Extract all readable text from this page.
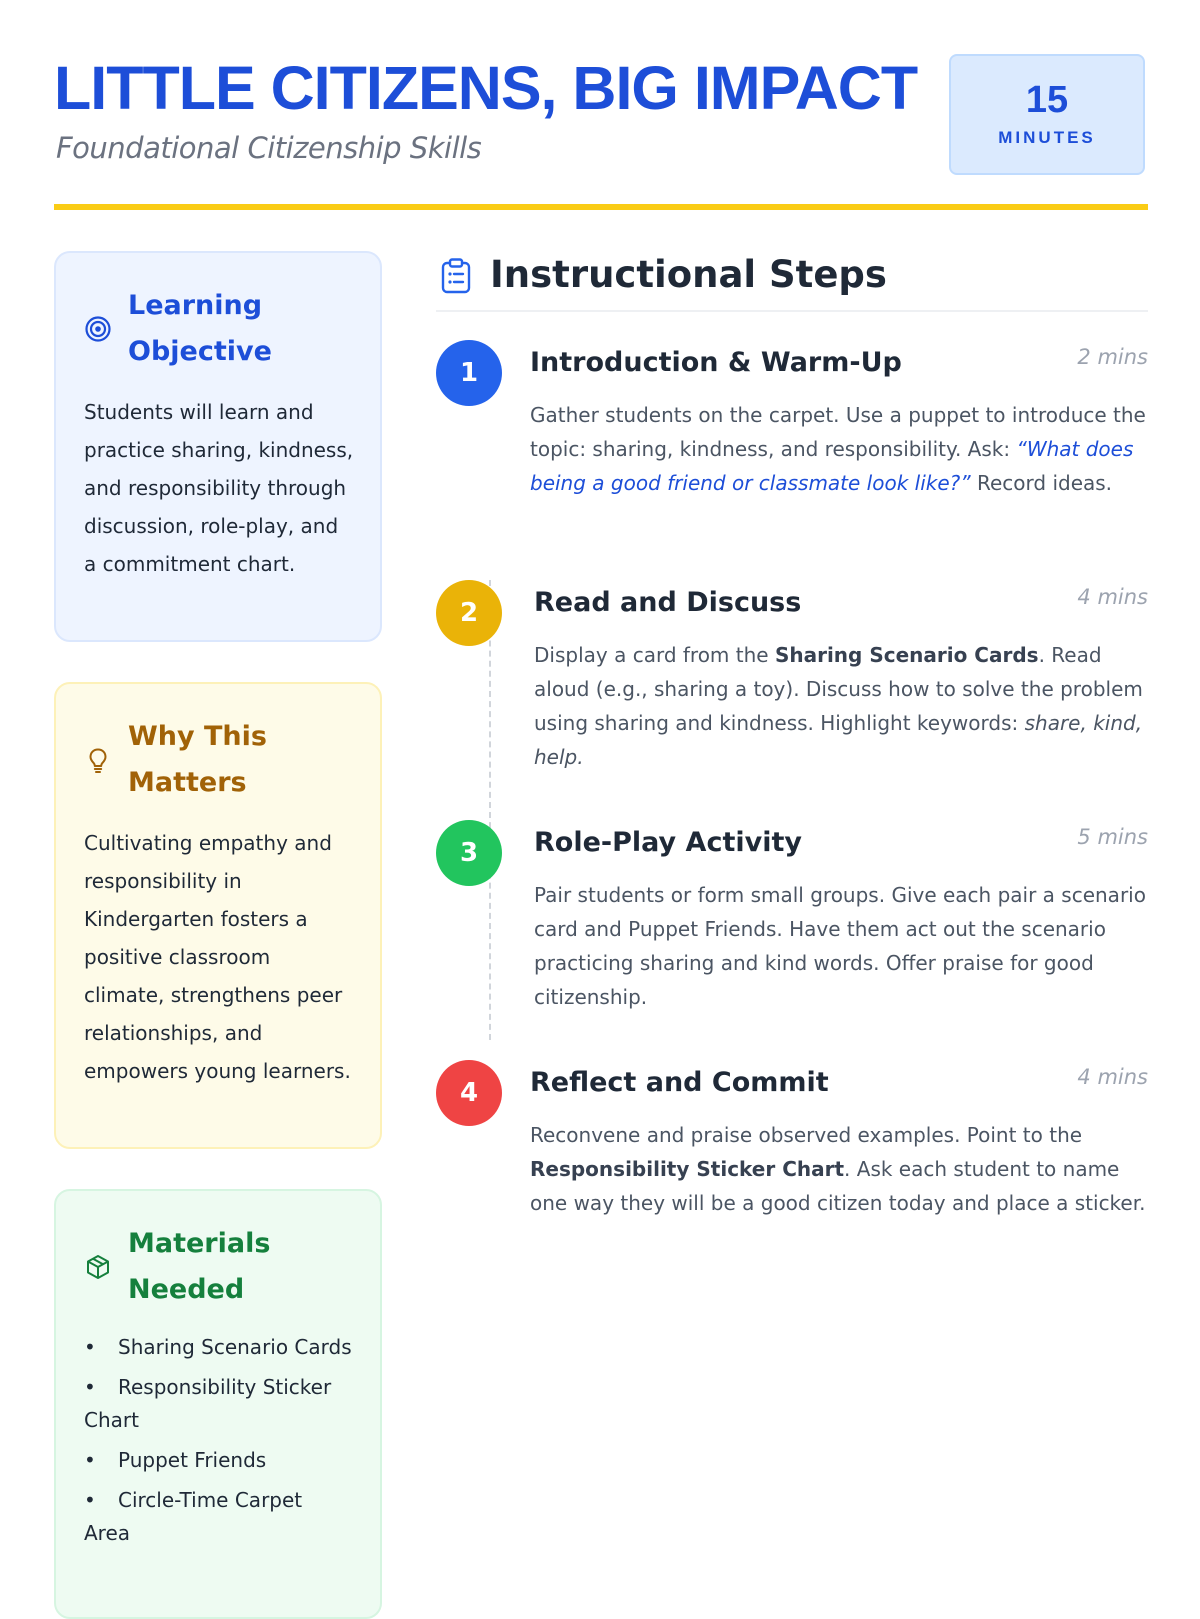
LITTLE CITIZENS, BIG IMPACT

Foundational Citizenship Skills

15
MINUTES
Learning
Objective

Students will learn and practice sharing, kindness, and responsibility through discussion, role-play, and a commitment chart.

Why This
Matters

Cultivating empathy and responsibility in Kindergarten fosters a positive classroom climate, strengthens peer relationships, and empowers young learners.

Materials
Needed
• Sharing Scenario Cards
• Responsibility Sticker Chart
• Puppet Friends
• Circle-Time Carpet Area
Instructional Steps
1	Introduction & Warm-Up	2 mins

Gather students on the carpet. Use a puppet to introduce the topic: sharing, kindness, and responsibility. Ask: “What does being a good friend or classmate look like?” Record ideas.

2	Read and Discuss	4 mins

Display a card from the Sharing Scenario Cards. Read aloud (e.g., sharing a toy). Discuss how to solve the problem using sharing and kindness. Highlight keywords: share, kind, help.

3	Role-Play Activity	5 mins

Pair students or form small groups. Give each pair a scenario card and Puppet Friends. Have them act out the scenario practicing sharing and kind words. Offer praise for good citizenship.

4	Reflect and Commit	4 mins

Reconvene and praise observed examples. Point to the Responsibility Sticker Chart. Ask each student to name one way they will be a good citizen today and place a sticker.
